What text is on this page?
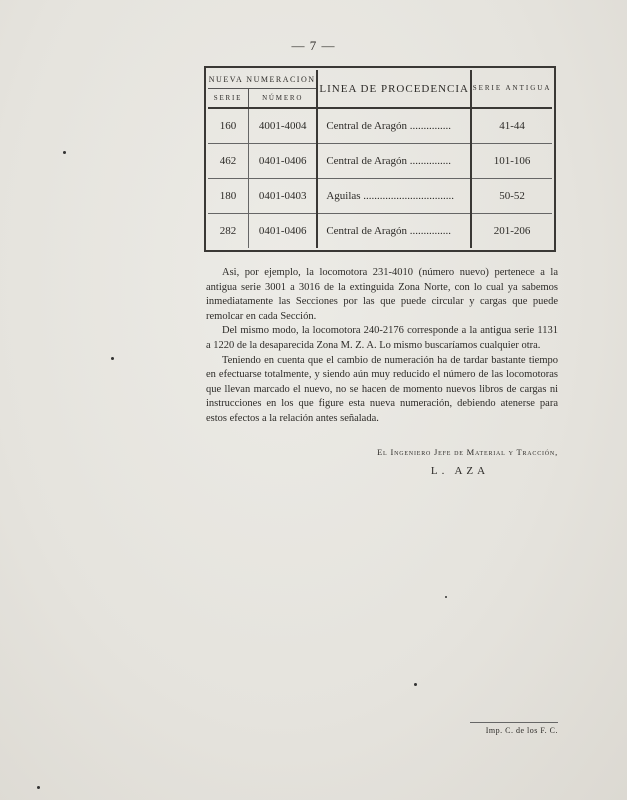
— 7 —
NUEVA NUMERACION		LINEA DE PROCEDENCIA	SERIE ANTIGUA
SERIE	NÚMERO		
160	4001-4004	Central de Aragón ...............	41-44
462	0401-0406	Central de Aragón ...............	101-106
180	0401-0403	Aguilas .................................	50-52
282	0401-0406	Central de Aragón ...............	201-206

Asi, por ejemplo, la locomotora 231-4010 (número nuevo) pertenece a la antigua serie 3001 a 3016 de la extinguida Zona Norte, con lo cual ya sabemos inmediatamente las Secciones por las que puede circular y cargas que puede remolcar en cada Sección.

Del mismo modo, la locomotora 240-2176 corresponde a la antigua serie 1131 a 1220 de la desaparecida Zona M. Z. A. Lo mismo buscaríamos cualquier otra.

Teniendo en cuenta que el cambio de numeración ha de tardar bastante tiempo en efectuarse totalmente, y siendo aún muy reducido el número de las locomotoras que llevan marcado el nuevo, no se hacen de momento nuevos libros de cargas ni instrucciones en los que figure esta nueva numeración, debiendo atenerse para estos efectos a la relación antes señalada.

El Ingeniero Jefe de Material y Tracción,
L. AZA
Imp. C. de los F. C.
